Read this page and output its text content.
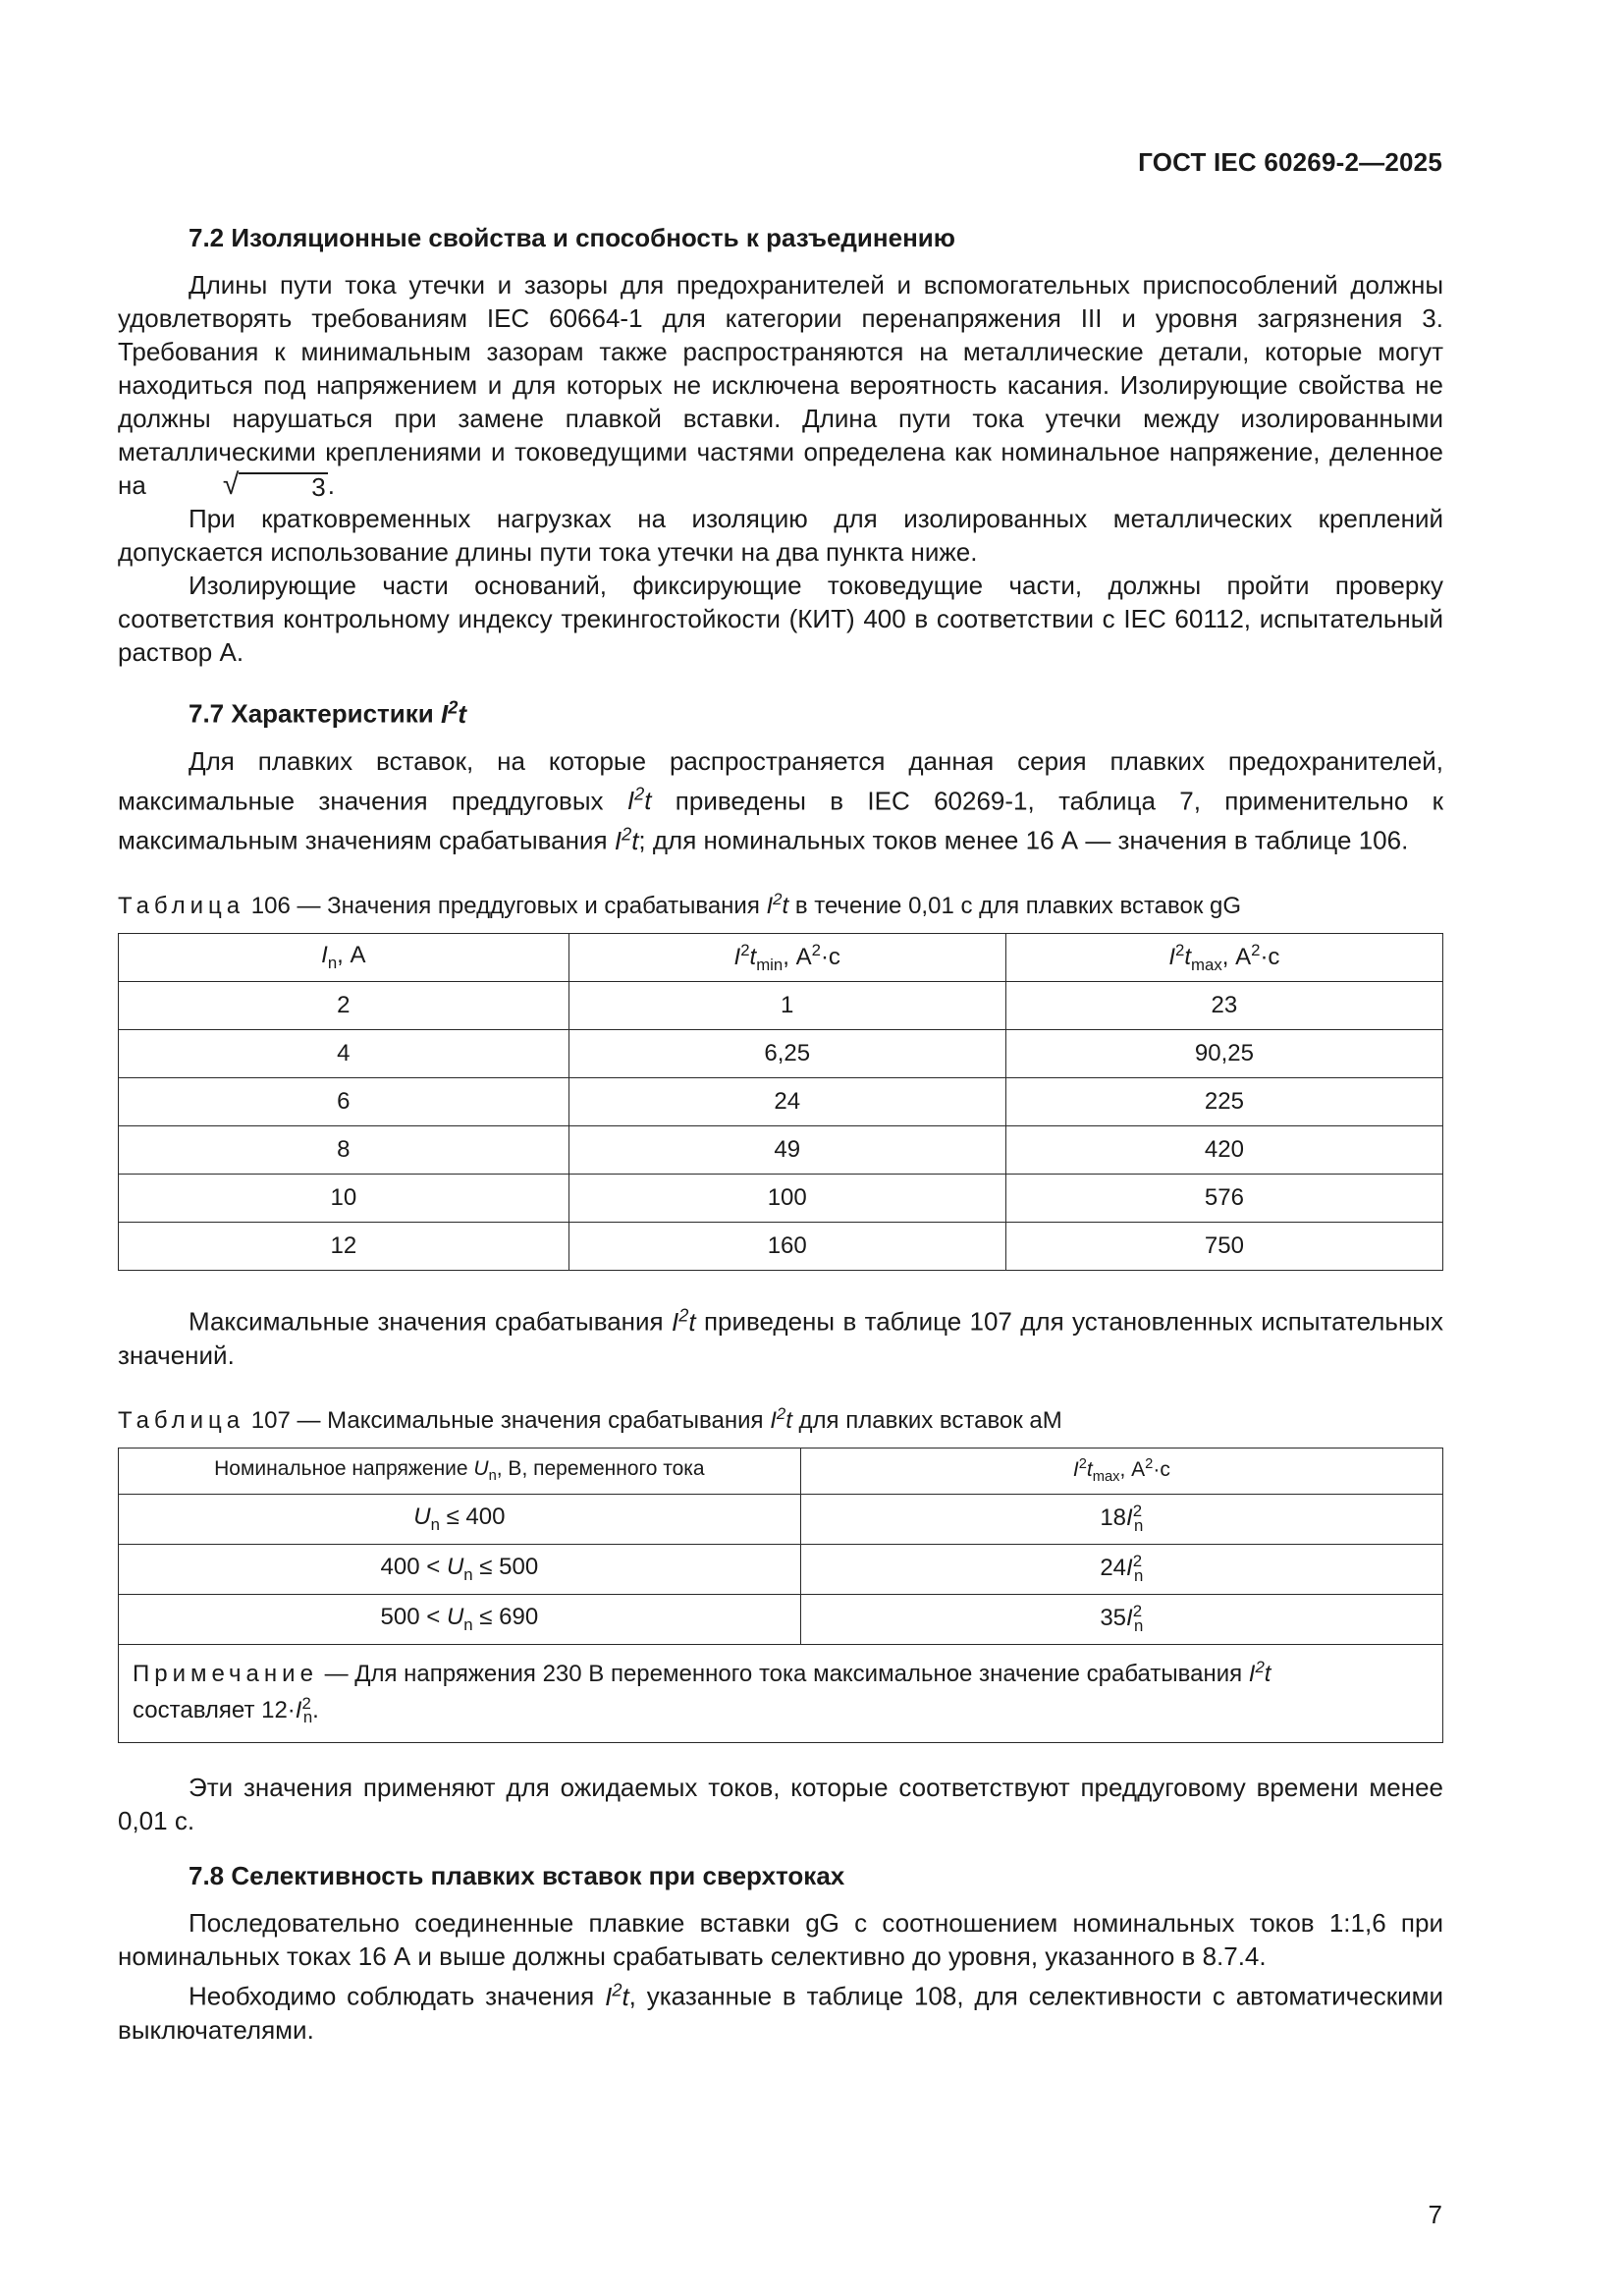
ГОСТ IEC 60269-2—2025
7.2 Изоляционные свойства и способность к разъединению

Длины пути тока утечки и зазоры для предохранителей и вспомогательных приспособлений должны удовлетворять требованиям IEC 60664-1 для категории перенапряжения III и уровня загрязнения 3. Требования к минимальным зазорам также распространяются на металлические детали, которые могут находиться под напряжением и для которых не исключена вероятность касания. Изолирующие свойства не должны нарушаться при замене плавкой вставки. Длина пути тока утечки между изолированными металлическими креплениями и токоведущими частями определена как номинальное напряжение, деленное на	√	3 .

При кратковременных нагрузках на изоляцию для изолированных металлических креплений допускается использование длины пути тока утечки на два пункта ниже.

Изолирующие части оснований, фиксирующие токоведущие части, должны пройти проверку соответствия контрольному индексу трекингостойкости (КИТ) 400 в соответствии с IEC 60112, испытательный раствор А.

7.7 Характеристики $I^2t$

Для плавких вставок, на которые распространяется данная серия плавких предохранителей, максимальные значения преддуговых $I^2t$ приведены в IEC 60269-1, таблица 7, применительно к максимальным значениям срабатывания $I^2t$; для номинальных токов менее 16 А — значения в таблице 106.

Таблица 106 — Значения преддуговых и срабатывания $I^2t$ в течение 0,01 с для плавких вставок gG
$I_n$, А	$I^2t_{min}$, $А^2\cdot с$	$I^2t_{max}$, $А^2\cdot с$
2	1	23
4	6,25	90,25
6	24	225
8	49	420
10	100	576
12	160	750

Максимальные значения срабатывания $I^2t$ приведены в таблице 107 для установленных испытательных значений.

Таблица 107 — Максимальные значения срабатывания $I^2t$ для плавких вставок аМ
Номинальное напряжение $U_n$, В, переменного тока	$I^2t_{max}$, $А^2\cdot с$
$U_n \le 400$	$18I^2_n$
$400 < U_n \le 500$	$24I^2_n$
$500 < U_n \le 690$	$35I^2_n$
Примечание — Для напряжения 230 В переменного тока максимальное значение срабатывания $I^2t$
составляет $12\cdot I^2_n$.	

Эти значения применяют для ожидаемых токов, которые соответствуют преддуговому времени менее 0,01 с.

7.8 Селективность плавких вставок при сверхтоках

Последовательно соединенные плавкие вставки gG с соотношением номинальных токов 1:1,6 при номинальных токах 16 А и выше должны срабатывать селективно до уровня, указанного в 8.7.4.

Необходимо соблюдать значения $I^2t$, указанные в таблице 108, для селективности с автоматическими выключателями.

7
